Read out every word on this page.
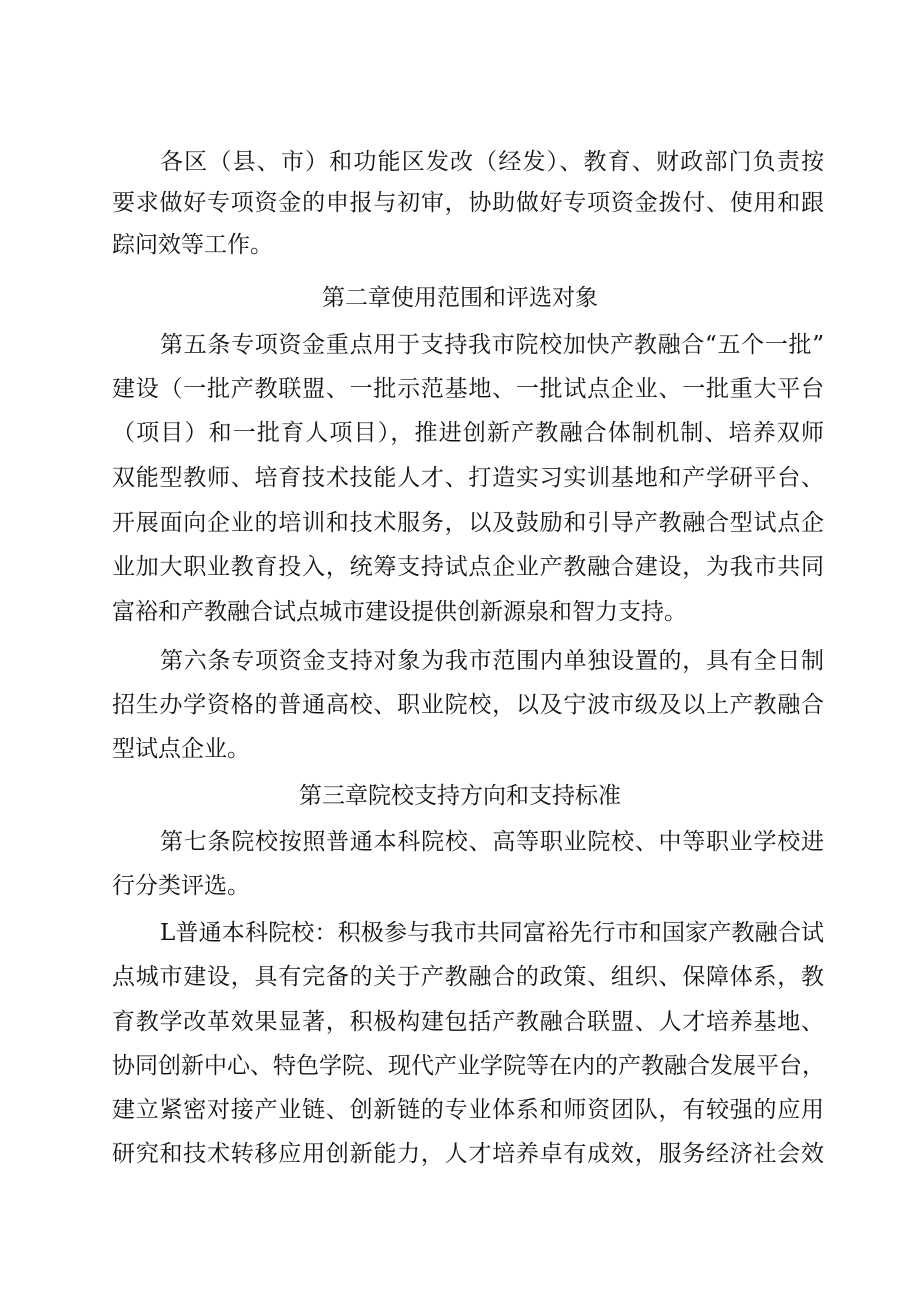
各区（县、市）和功能区发改（经发）、教育、财政部门负责按
要求做好专项资金的申报与初审，协助做好专项资金拨付、使用和跟
踪问效等工作。
第二章使用范围和评选对象
第五条专项资金重点用于支持我市院校加快产教融合“五个一批”
建设（一批产教联盟、一批示范基地、一批试点企业、一批重大平台
（项目）和一批育人项目），推进创新产教融合体制机制、培养双师
双能型教师、培育技术技能人才、打造实习实训基地和产学研平台、
开展面向企业的培训和技术服务，以及鼓励和引导产教融合型试点企
业加大职业教育投入，统筹支持试点企业产教融合建设，为我市共同
富裕和产教融合试点城市建设提供创新源泉和智力支持。
第六条专项资金支持对象为我市范围内单独设置的，具有全日制
招生办学资格的普通高校、职业院校，以及宁波市级及以上产教融合
型试点企业。
第三章院校支持方向和支持标准
第七条院校按照普通本科院校、高等职业院校、中等职业学校进
行分类评选。
L普通本科院校：积极参与我市共同富裕先行市和国家产教融合试
点城市建设，具有完备的关于产教融合的政策、组织、保障体系，教
育教学改革效果显著，积极构建包括产教融合联盟、人才培养基地、
协同创新中心、特色学院、现代产业学院等在内的产教融合发展平台，
建立紧密对接产业链、创新链的专业体系和师资团队，有较强的应用
研究和技术转移应用创新能力，人才培养卓有成效，服务经济社会效
